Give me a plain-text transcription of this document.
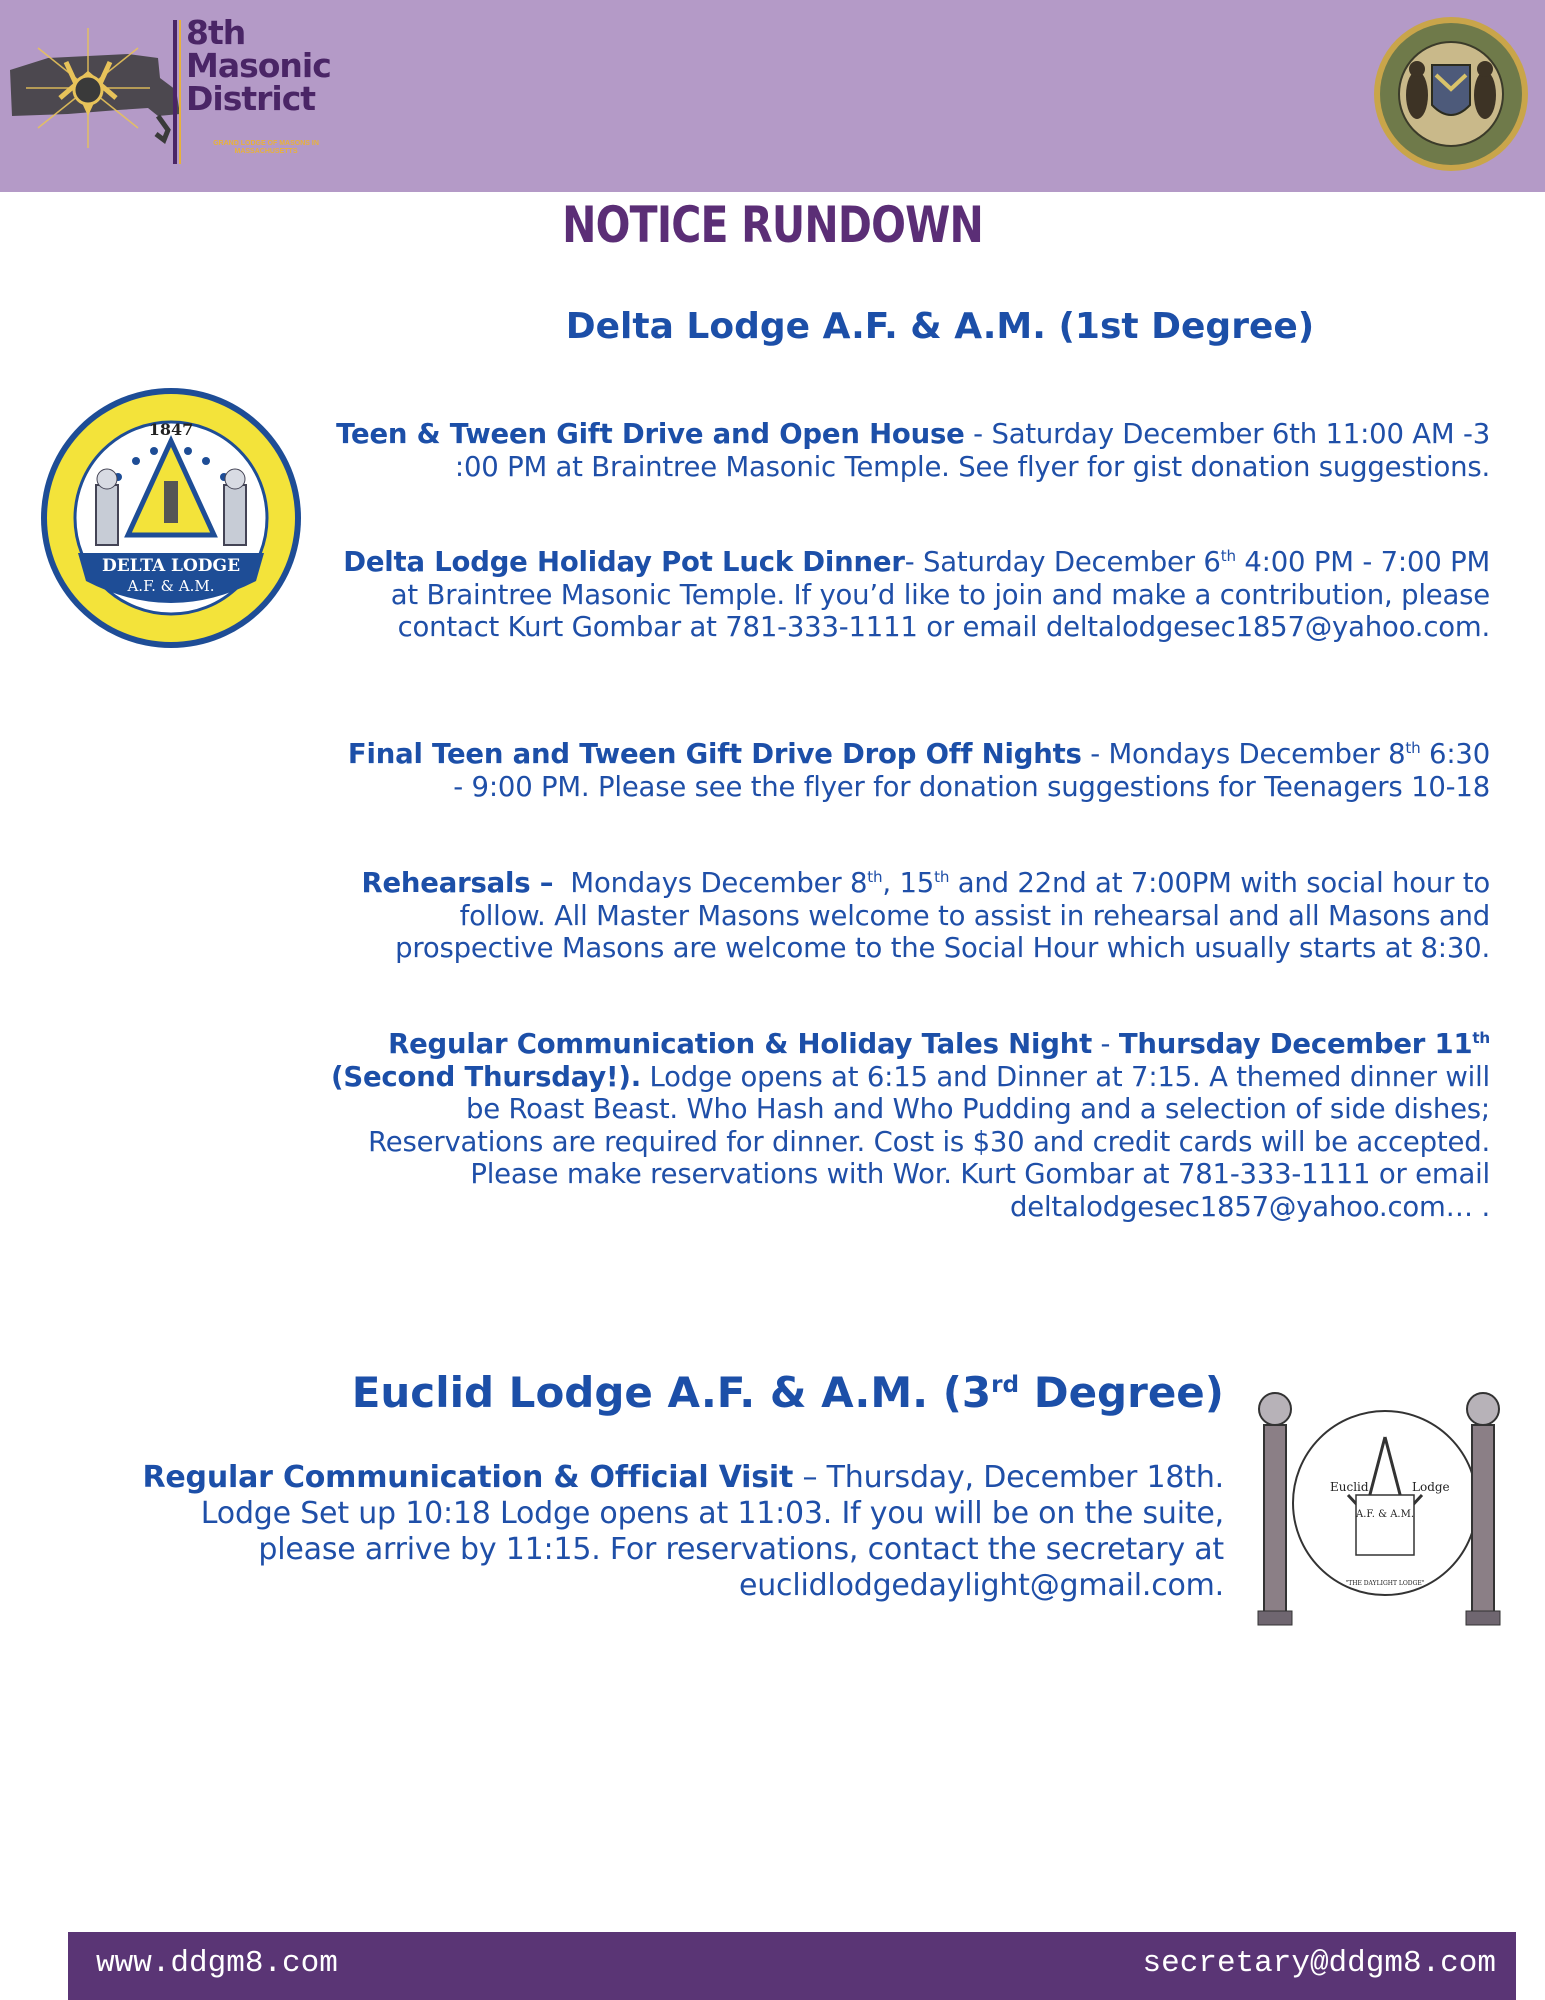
8th Masonic District
GRAND LODGE OF MASONS IN MASSACHUSETTS
NOTICE RUNDOWN
Delta Lodge A.F. & A.M. (1st Degree)
1847
DELTA LODGE
A.F. & A.M.
Teen & Tween Gift Drive and Open House - Saturday December 6th 11:00 AM -3 :00 PM at Braintree Masonic Temple. See flyer for gist donation suggestions.
Delta Lodge Holiday Pot Luck Dinner- Saturday December 6th 4:00 PM - 7:00 PM at Braintree Masonic Temple. If you’d like to join and make a contribution, please contact Kurt Gombar at 781-333-1111 or email deltalodgesec1857@yahoo.com.
Final Teen and Tween Gift Drive Drop Off Nights - Mondays December 8th 6:30 - 9:00 PM. Please see the flyer for donation suggestions for Teenagers 10-18
Rehearsals –  Mondays December 8th, 15th and 22nd at 7:00PM with social hour to follow. All Master Masons welcome to assist in rehearsal and all Masons and prospective Masons are welcome to the Social Hour which usually starts at 8:30.
Regular Communication & Holiday Tales Night - Thursday December 11th (Second Thursday!). Lodge opens at 6:15 and Dinner at 7:15. A themed dinner will be Roast Beast. Who Hash and Who Pudding and a selection of side dishes; Reservations are required for dinner. Cost is $30 and credit cards will be accepted. Please make reservations with Wor. Kurt Gombar at 781-333-1111 or email deltalodgesec1857@yahoo.com… .
Euclid Lodge A.F. & A.M. (3rd Degree)
Regular Communication & Official Visit – Thursday, December 18th. Lodge Set up 10:18 Lodge opens at 11:03. If you will be on the suite, please arrive by 11:15. For reservations, contact the secretary at euclidlodgedaylight@gmail.com.
Euclid	Lodge
A.F. & A.M.
"THE DAYLIGHT LODGE"
www.ddgm8.com	secretary@ddgm8.com
